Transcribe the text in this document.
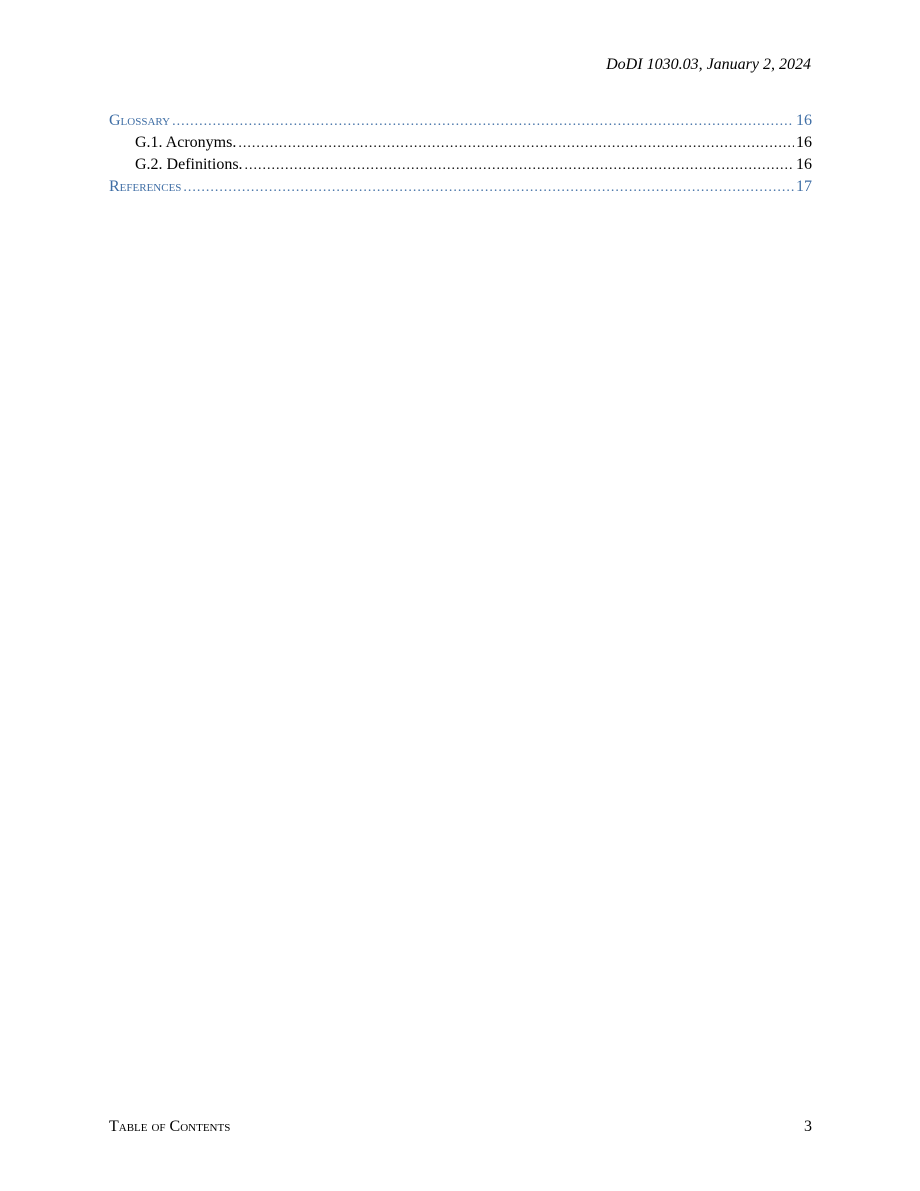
DoDI 1030.03, January 2, 2024
Glossary .....	16
G.1. Acronyms. .....	16
G.2. Definitions. .....	16
References .....	17
Table of Contents	3
